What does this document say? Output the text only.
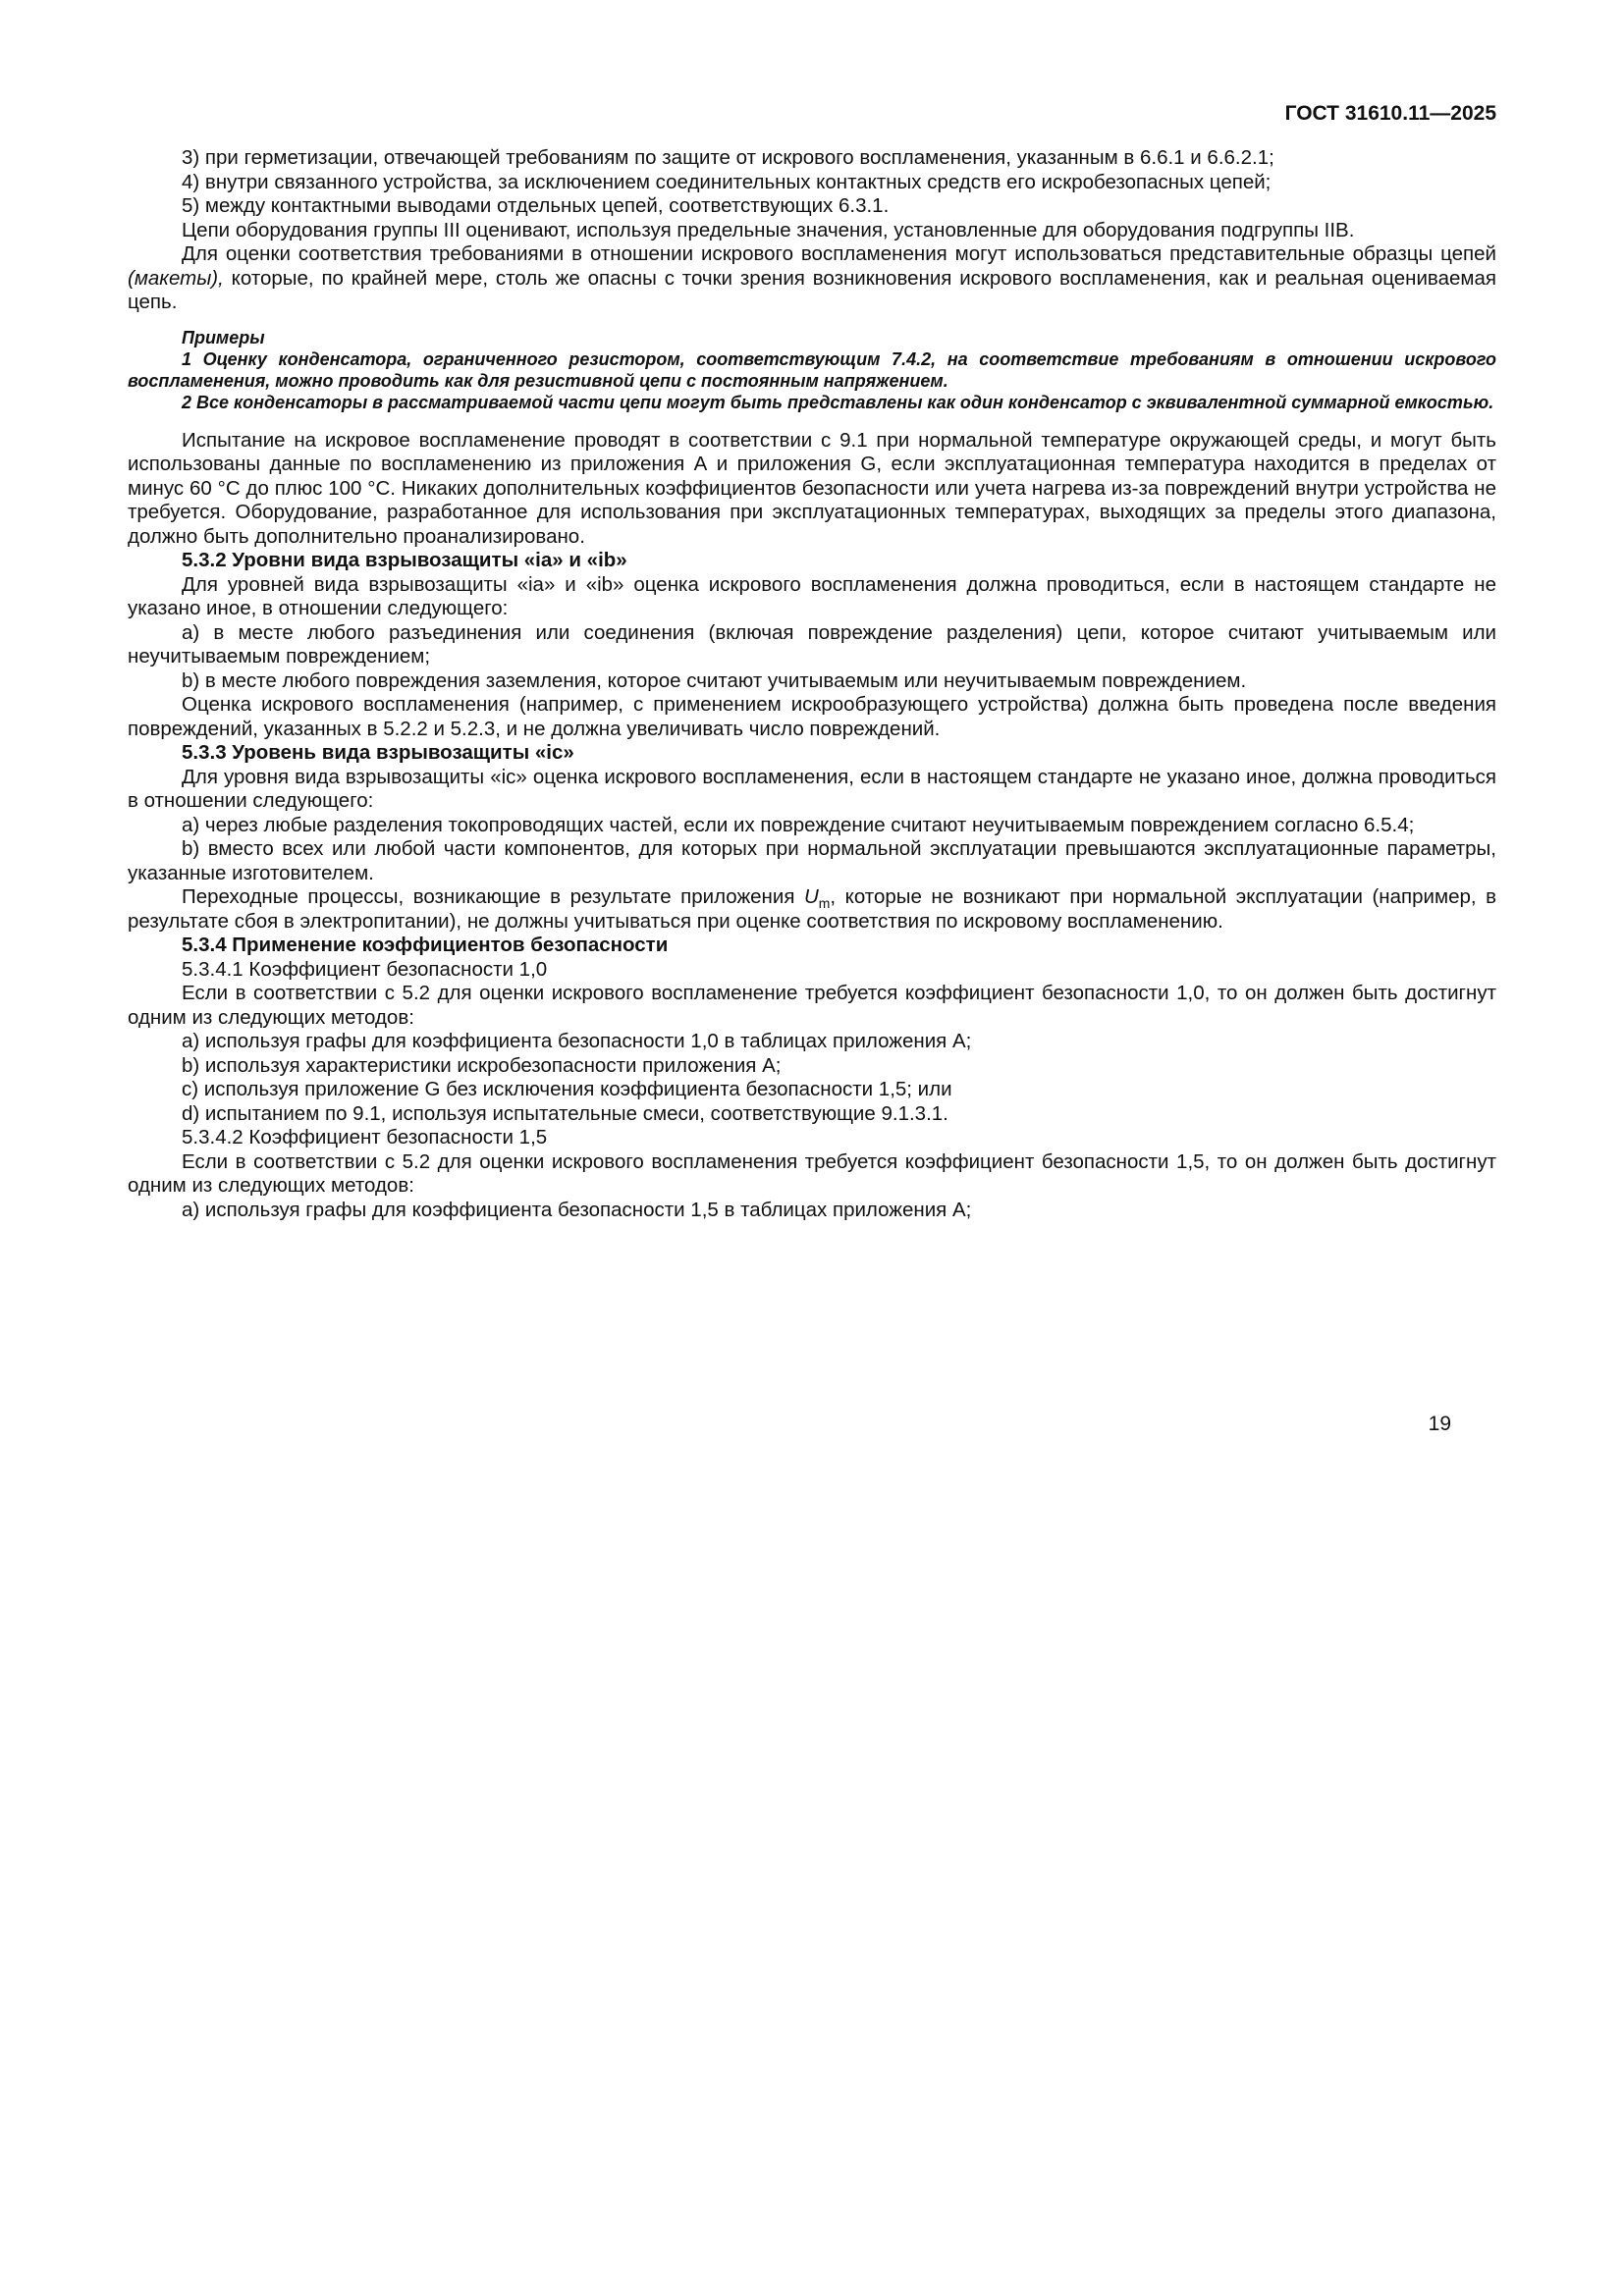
ГОСТ 31610.11—2025

3) при герметизации, отвечающей требованиям по защите от искрового воспламенения, указанным в 6.6.1 и 6.6.2.1;

4) внутри связанного устройства, за исключением соединительных контактных средств его искробезопасных цепей;

5) между контактными выводами отдельных цепей, соответствующих 6.3.1.

Цепи оборудования группы III оценивают, используя предельные значения, установленные для оборудования подгруппы IIB.

Для оценки соответствия требованиями в отношении искрового воспламенения могут использоваться представительные образцы цепей (макеты), которые, по крайней мере, столь же опасны с точки зрения возникновения искрового воспламенения, как и реальная оцениваемая цепь.

Примеры

1 Оценку конденсатора, ограниченного резистором, соответствующим 7.4.2, на соответствие требованиям в отношении искрового воспламенения, можно проводить как для резистивной цепи с постоянным напряжением.

2 Все конденсаторы в рассматриваемой части цепи могут быть представлены как один конденсатор с эквивалентной суммарной емкостью.

Испытание на искровое воспламенение проводят в соответствии с 9.1 при нормальной температуре окружающей среды, и могут быть использованы данные по воспламенению из приложения А и приложения G, если эксплуатационная температура находится в пределах от минус 60 °С до плюс 100 °С. Никаких дополнительных коэффициентов безопасности или учета нагрева из-за повреждений внутри устройства не требуется. Оборудование, разработанное для использования при эксплуатационных температурах, выходящих за пределы этого диапазона, должно быть дополнительно проанализировано.

5.3.2 Уровни вида взрывозащиты «ia» и «ib»

Для уровней вида взрывозащиты «ia» и «ib» оценка искрового воспламенения должна проводиться, если в настоящем стандарте не указано иное, в отношении следующего:

a) в месте любого разъединения или соединения (включая повреждение разделения) цепи, которое считают учитываемым или неучитываемым повреждением;

b) в месте любого повреждения заземления, которое считают учитываемым или неучитываемым повреждением.

Оценка искрового воспламенения (например, с применением искрообразующего устройства) должна быть проведена после введения повреждений, указанных в 5.2.2 и 5.2.3, и не должна увеличивать число повреждений.

5.3.3 Уровень вида взрывозащиты «ic»

Для уровня вида взрывозащиты «ic» оценка искрового воспламенения, если в настоящем стандарте не указано иное, должна проводиться в отношении следующего:

a) через любые разделения токопроводящих частей, если их повреждение считают неучитываемым повреждением согласно 6.5.4;

b) вместо всех или любой части компонентов, для которых при нормальной эксплуатации превышаются эксплуатационные параметры, указанные изготовителем.

Переходные процессы, возникающие в результате приложения $U_m$, которые не возникают при нормальной эксплуатации (например, в результате сбоя в электропитании), не должны учитываться при оценке соответствия по искровому воспламенению.

5.3.4 Применение коэффициентов безопасности

5.3.4.1 Коэффициент безопасности 1,0

Если в соответствии с 5.2 для оценки искрового воспламенение требуется коэффициент безопасности 1,0, то он должен быть достигнут одним из следующих методов:

a) используя графы для коэффициента безопасности 1,0 в таблицах приложения А;

b) используя характеристики искробезопасности приложения А;

c) используя приложение G без исключения коэффициента безопасности 1,5; или

d) испытанием по 9.1, используя испытательные смеси, соответствующие 9.1.3.1.

5.3.4.2 Коэффициент безопасности 1,5

Если в соответствии с 5.2 для оценки искрового воспламенения требуется коэффициент безопасности 1,5, то он должен быть достигнут одним из следующих методов:

а) используя графы для коэффициента безопасности 1,5 в таблицах приложения А;

19
